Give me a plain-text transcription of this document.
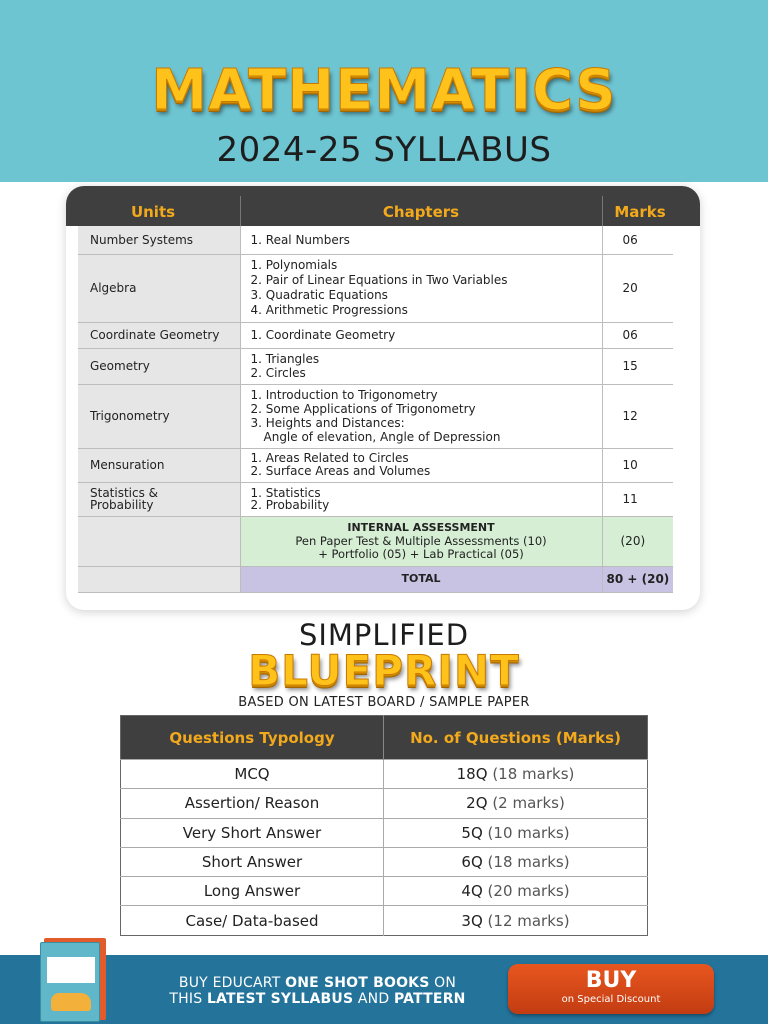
MATHEMATICS
2024-25 SYLLABUS
Units	Chapters	Marks
Number Systems	1. Real Numbers	06
Algebra	1. Polynomials
2. Pair of Linear Equations in Two Variables
3. Quadratic Equations
4. Arithmetic Progressions	20
Coordinate Geometry	1. Coordinate Geometry	06
Geometry	1. Triangles
2. Circles	15
Trigonometry	1. Introduction to Trigonometry
2. Some Applications of Trigonometry
3. Heights and Distances:
Angle of elevation, Angle of Depression	12
Mensuration	1. Areas Related to Circles
2. Surface Areas and Volumes	10

Statistics &
Probability	1. Statistics
2. Probability	11

	INTERNAL ASSESSMENT
Pen Paper Test & Multiple Assessments (10)
+ Portfolio (05) + Lab Practical (05)	(20)
	TOTAL	80 + (20)
SIMPLIFIED
BLUEPRINT
BASED ON LATEST BOARD / SAMPLE PAPER
Questions Typology	No. of Questions (Marks)
MCQ	18Q (18 marks)
Assertion/ Reason	2Q (2 marks)
Very Short Answer	5Q (10 marks)
Short Answer	6Q (18 marks)
Long Answer	4Q (20 marks)
Case/ Data-based	3Q (12 marks)
BUY EDUCART ONE SHOT BOOKS ON
THIS LATEST SYLLABUS AND PATTERN
BUY
on Special Discount
